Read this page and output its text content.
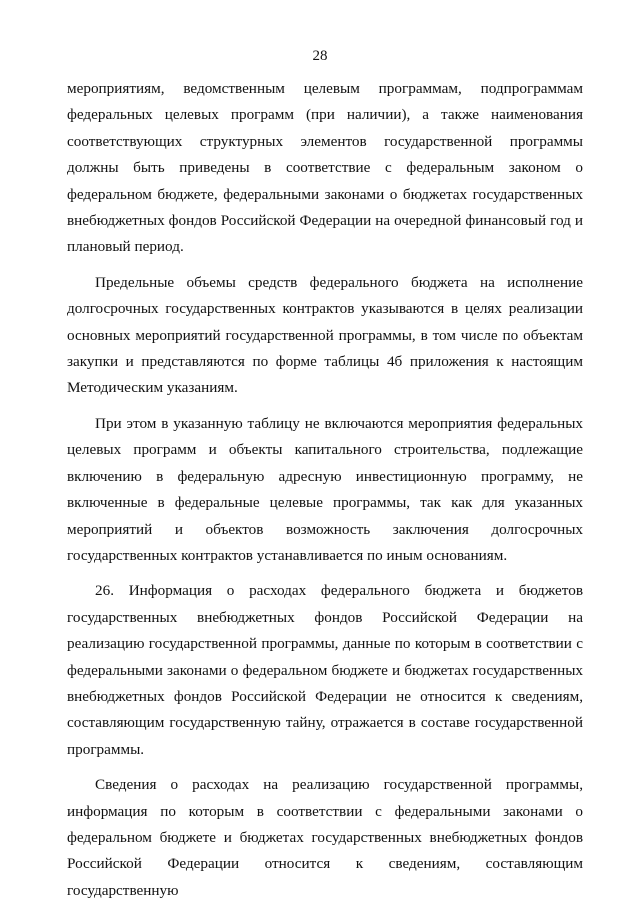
28

мероприятиям, ведомственным целевым программам, подпрограммам федеральных целевых программ (при наличии), а также наименования соответствующих структурных элементов государственной программы должны быть приведены в соответствие с федеральным законом о федеральном бюджете, федеральными законами о бюджетах государственных внебюджетных фондов Российской Федерации на очередной финансовый год и плановый период.

Предельные объемы средств федерального бюджета на исполнение долгосрочных государственных контрактов указываются в целях реализации основных мероприятий государственной программы, в том числе по объектам закупки и представляются по форме таблицы 4б приложения к настоящим Методическим указаниям.

При этом в указанную таблицу не включаются мероприятия федеральных целевых программ и объекты капитального строительства, подлежащие включению в федеральную адресную инвестиционную программу, не включенные в федеральные целевые программы, так как для указанных мероприятий и объектов возможность заключения долгосрочных государственных контрактов устанавливается по иным основаниям.

26. Информация о расходах федерального бюджета и бюджетов государственных внебюджетных фондов Российской Федерации на реализацию государственной программы, данные по которым в соответствии с федеральными законами о федеральном бюджете и бюджетах государственных внебюджетных фондов Российской Федерации не относится к сведениям, составляющим государственную тайну, отражается в составе государственной программы.

Сведения о расходах на реализацию государственной программы, информация по которым в соответствии с федеральными законами о федеральном бюджете и бюджетах государственных внебюджетных фондов Российской Федерации относится к сведениям, составляющим государственную
